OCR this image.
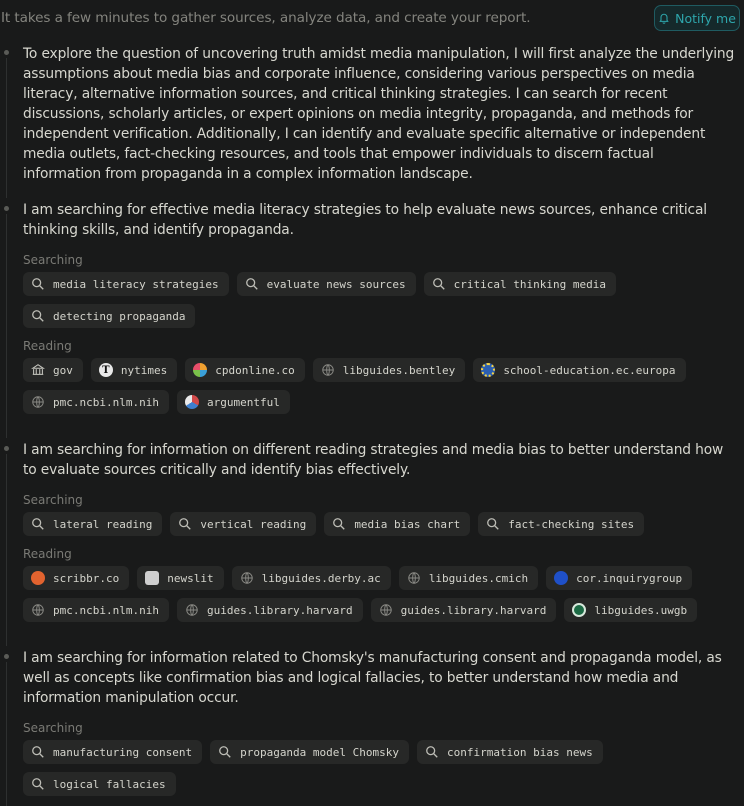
It takes a few minutes to gather sources, analyze data, and create your report.	Notify me

To explore the question of uncovering truth amidst media manipulation, I will first analyze the underlying assumptions about media bias and corporate influence, considering various perspectives on media literacy, alternative information sources, and critical thinking strategies. I can search for recent discussions, scholarly articles, or expert opinions on media integrity, propaganda, and methods for independent verification. Additionally, I can identify and evaluate specific alternative or independent media outlets, fact-checking resources, and tools that empower individuals to discern factual information from propaganda in a complex information landscape.

I am searching for effective media literacy strategies to help evaluate news sources, enhance critical thinking skills, and identify propaganda.

Searching
media literacy strategies	evaluate news sources	critical thinking media
detecting propaganda
Reading
gov	T nytimes	cpdonline.co	libguides.bentley	school-education.ec.europa
pmc.ncbi.nlm.nih	argumentful

I am searching for information on different reading strategies and media bias to better understand how to evaluate sources critically and identify bias effectively.

Searching
lateral reading	vertical reading	media bias chart	fact-checking sites
Reading
scribbr.co	newslit	libguides.derby.ac	libguides.cmich	cor.inquirygroup
pmc.ncbi.nlm.nih	guides.library.harvard	guides.library.harvard	libguides.uwgb

I am searching for information related to Chomsky's manufacturing consent and propaganda model, as well as concepts like confirmation bias and logical fallacies, to better understand how media and information manipulation occur.

Searching
manufacturing consent	propaganda model Chomsky	confirmation bias news
logical fallacies
